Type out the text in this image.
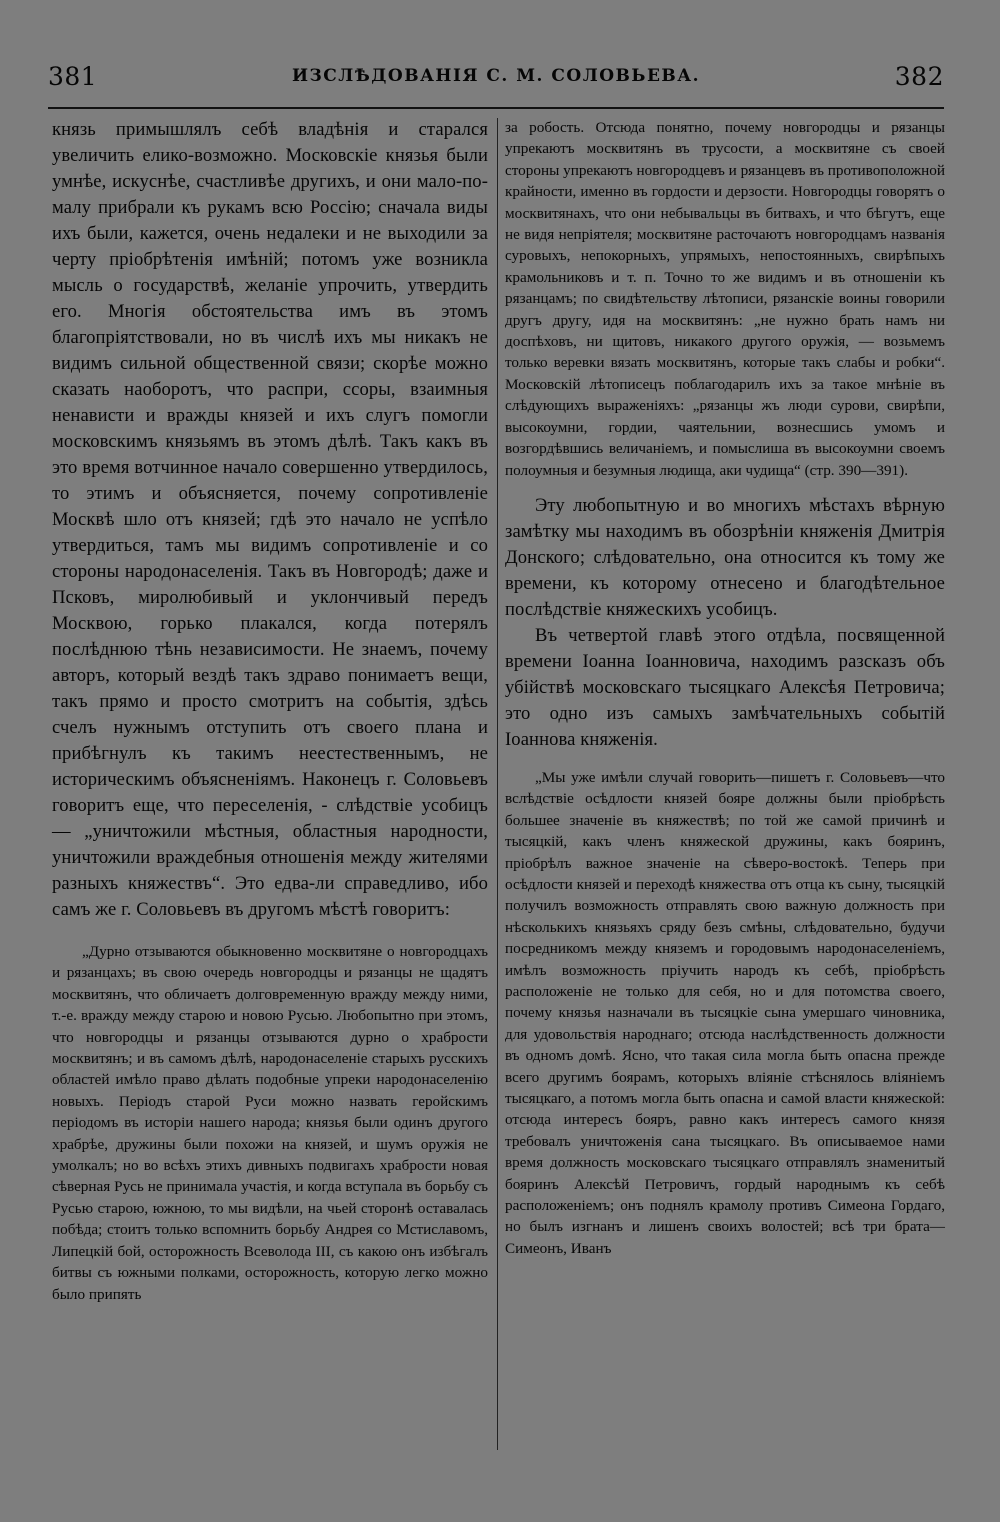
381	ИЗСЛѢДОВАНІЯ С. М. СОЛОВЬЕВА.	382

князь примышлялъ себѣ владѣнія и старался увеличить елико-возможно. Московскіе князья были умнѣе, искуснѣе, счастливѣе другихъ, и они мало-по-малу прибрали къ рукамъ всю Россію; сначала виды ихъ были, кажется, очень недалеки и не выходили за черту пріобрѣтенія имѣній; потомъ уже возникла мысль о государствѣ, желаніе упрочить, утвердить его. Многія обстоятельства имъ въ этомъ благопріятствовали, но въ числѣ ихъ мы никакъ не видимъ сильной общественной связи; скорѣе можно сказать наоборотъ, что распри, ссоры, взаимныя ненависти и вражды князей и ихъ слугъ помогли московскимъ князьямъ въ этомъ дѣлѣ. Такъ какъ въ это время вотчинное начало совершенно утвердилось, то этимъ и объясняется, почему сопротивленіе Москвѣ шло отъ князей; гдѣ это начало не успѣло утвердиться, тамъ мы видимъ сопротивленіе и со стороны народонаселенія. Такъ въ Новгородѣ; даже и Псковъ, миролюбивый и уклончивый передъ Москвою, горько плакался, когда потерялъ послѣднюю тѣнь независимости. Не знаемъ, почему авторъ, который вездѣ такъ здраво понимаетъ вещи, такъ прямо и просто смотритъ на событія, здѣсь счелъ нужнымъ отступить отъ своего плана и прибѣгнулъ къ такимъ неестественнымъ, не историческимъ объясненіямъ. Наконецъ г. Соловьевъ говоритъ еще, что переселенія, - слѣдствіе усобицъ — „уничтожили мѣстныя, областныя народности, уничтожили враждебныя отношенія между жителями разныхъ княжествъ“. Это едва-ли справедливо, ибо самъ же г. Соловьевъ въ другомъ мѣстѣ говоритъ:

„Дурно отзываются обыкновенно москвитяне о новгородцахъ и рязанцахъ; въ свою очередь новгородцы и рязанцы не щадятъ москвитянъ, что обличаетъ долговременную вражду между ними, т.-е. вражду между старою и новою Русью. Любопытно при этомъ, что новгородцы и рязанцы отзываются дурно о храбрости москвитянъ; и въ самомъ дѣлѣ, народонаселеніе старыхъ русскихъ областей имѣло право дѣлать подобные упреки народонаселенію новыхъ. Періодъ старой Руси можно назвать геройскимъ періодомъ въ исторіи нашего народа; князья были одинъ другого храбрѣе, дружины были похожи на князей, и шумъ оружія не умолкалъ; но во всѣхъ этихъ дивныхъ подвигахъ храбрости новая сѣверная Русь не принимала участія, и когда вступала въ борьбу съ Русью старою, южною, то мы видѣли, на чьей сторонѣ оставалась побѣда; стоитъ только вспомнить борьбу Андрея со Мстиславомъ, Липецкій бой, осторожность Всеволода III, съ какою онъ избѣгалъ битвы съ южными полками, осторожность, которую легко можно было припять

за робость. Отсюда понятно, почему новгородцы и рязанцы упрекаютъ москвитянъ въ трусости, а москвитяне съ своей стороны упрекаютъ новгородцевъ и рязанцевъ въ противоположной крайности, именно въ гордости и дерзости. Новгородцы говорятъ о москвитянахъ, что они небывальцы въ битвахъ, и что бѣгутъ, еще не видя непріятеля; москвитяне расточаютъ новгородцамъ названія суровыхъ, непокорныхъ, упрямыхъ, непостоянныхъ, свирѣпыхъ крамольниковъ и т. п. Точно то же видимъ и въ отношеніи къ рязанцамъ; по свидѣтельству лѣтописи, рязанскіе воины говорили другъ другу, идя на москвитянъ: „не нужно брать намъ ни доспѣховъ, ни щитовъ, никакого другого оружія, — возьмемъ только веревки вязать москвитянъ, которые такъ слабы и робки“. Московскій лѣтописецъ поблагодарилъ ихъ за такое мнѣніе въ слѣдующихъ выраженіяхъ: „рязанцы жъ люди сурови, свирѣпи, высокоумни, гордии, чаятельнии, вознесшись умомъ и возгордѣвшись величаніемъ, и помыслиша въ высокоумни своемъ полоумныя и безумныя людища, аки чудища“ (стр. 390—391).

Эту любопытную и во многихъ мѣстахъ вѣрную замѣтку мы находимъ въ обозрѣніи княженія Дмитрія Донского; слѣдовательно, она относится къ тому же времени, къ которому отнесено и благодѣтельное послѣдствіе княжескихъ усобицъ.

Въ четвертой главѣ этого отдѣла, посвященной времени Іоанна Іоанновича, находимъ разсказъ объ убійствѣ московскаго тысяцкаго Алексѣя Петровича; это одно изъ самыхъ замѣчательныхъ событій Іоаннова княженія.

„Мы уже имѣли случай говорить—пишетъ г. Соловьевъ—что вслѣдствіе осѣдлости князей бояре должны были пріобрѣсть большее значеніе въ княжествѣ; по той же самой причинѣ и тысяцкій, какъ членъ княжеской дружины, какъ бояринъ, пріобрѣлъ важное значеніе на сѣверо-востокѣ. Теперь при осѣдлости князей и переходѣ княжества отъ отца къ сыну, тысяцкій получилъ возможность отправлять свою важную должность при нѣсколькихъ князьяхъ сряду безъ смѣны, слѣдовательно, будучи посредникомъ между княземъ и городовымъ народонаселеніемъ, имѣлъ возможность пріучить народъ къ себѣ, пріобрѣсть расположеніе не только для себя, но и для потомства своего, почему князья назначали въ тысяцкіе сына умершаго чиновника, для удовольствія народнаго; отсюда наслѣдственность должности въ одномъ домѣ. Ясно, что такая сила могла быть опасна прежде всего другимъ боярамъ, которыхъ вліяніе стѣснялось вліяніемъ тысяцкаго, а потомъ могла быть опасна и самой власти княжеской: отсюда интересъ бояръ, равно какъ интересъ самого князя требовалъ уничтоженія сана тысяцкаго. Въ описываемое нами время должность московскаго тысяцкаго отправлялъ знаменитый бояринъ Алексѣй Петровичъ, гордый народнымъ къ себѣ расположеніемъ; онъ поднялъ крамолу противъ Симеона Гордаго, но былъ изгнанъ и лишенъ своихъ волостей; всѣ три брата—Симеонъ, Иванъ
